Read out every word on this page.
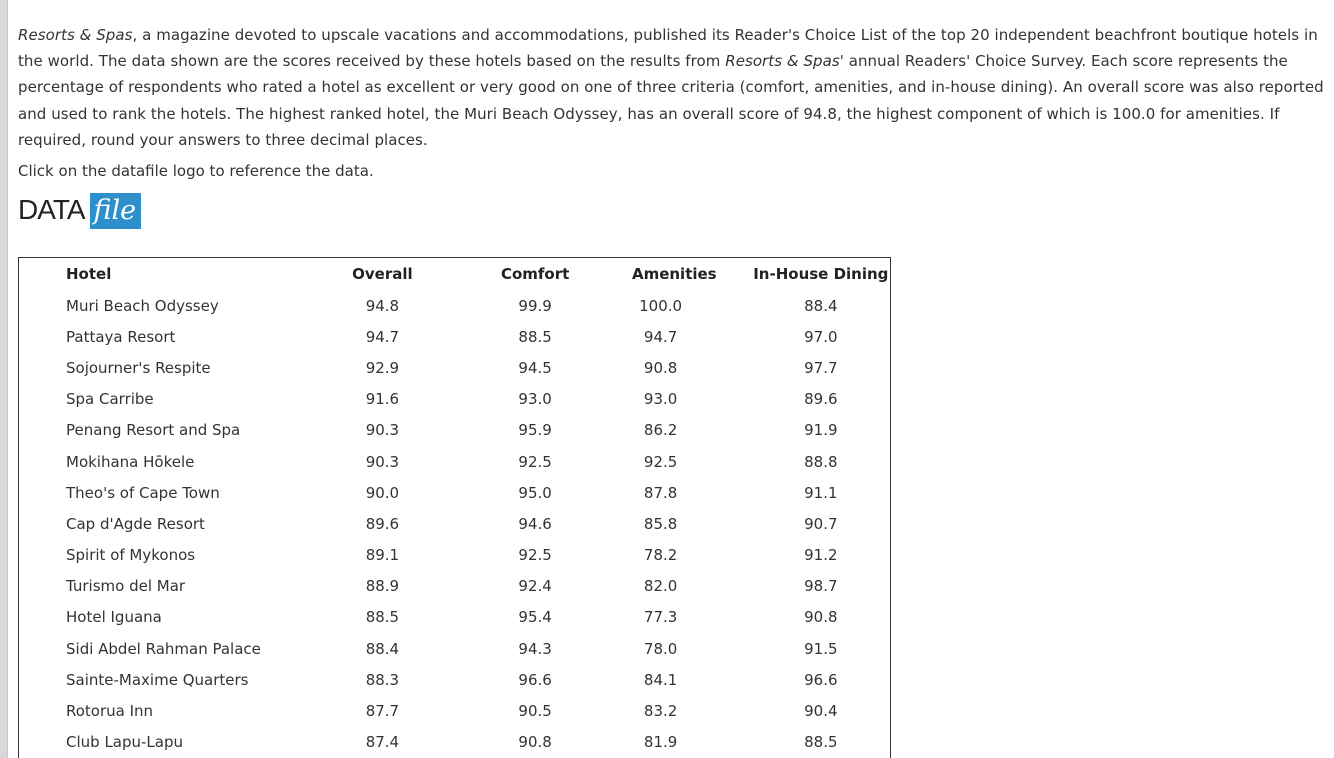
Resorts & Spas, a magazine devoted to upscale vacations and accommodations, published its Reader's Choice List of the top 20 independent beachfront boutique hotels in the world. The data shown are the scores received by these hotels based on the results from Resorts & Spas' annual Readers' Choice Survey. Each score represents the percentage of respondents who rated a hotel as excellent or very good on one of three criteria (comfort, amenities, and in-house dining). An overall score was also reported and used to rank the hotels. The highest ranked hotel, the Muri Beach Odyssey, has an overall score of 94.8, the highest component of which is 100.0 for amenities. If required, round your answers to three decimal places.

Click on the datafile logo to reference the data.

DATA file
Hotel	Overall	Comfort	Amenities	In-House Dining
Muri Beach Odyssey	94.8	99.9	100.0	88.4
Pattaya Resort	94.7	88.5	94.7	97.0
Sojourner's Respite	92.9	94.5	90.8	97.7
Spa Carribe	91.6	93.0	93.0	89.6
Penang Resort and Spa	90.3	95.9	86.2	91.9
Mokihana Hōkele	90.3	92.5	92.5	88.8
Theo's of Cape Town	90.0	95.0	87.8	91.1
Cap d'Agde Resort	89.6	94.6	85.8	90.7
Spirit of Mykonos	89.1	92.5	78.2	91.2
Turismo del Mar	88.9	92.4	82.0	98.7
Hotel Iguana	88.5	95.4	77.3	90.8
Sidi Abdel Rahman Palace	88.4	94.3	78.0	91.5
Sainte-Maxime Quarters	88.3	96.6	84.1	96.6
Rotorua Inn	87.7	90.5	83.2	90.4
Club Lapu-Lapu	87.4	90.8	81.9	88.5
